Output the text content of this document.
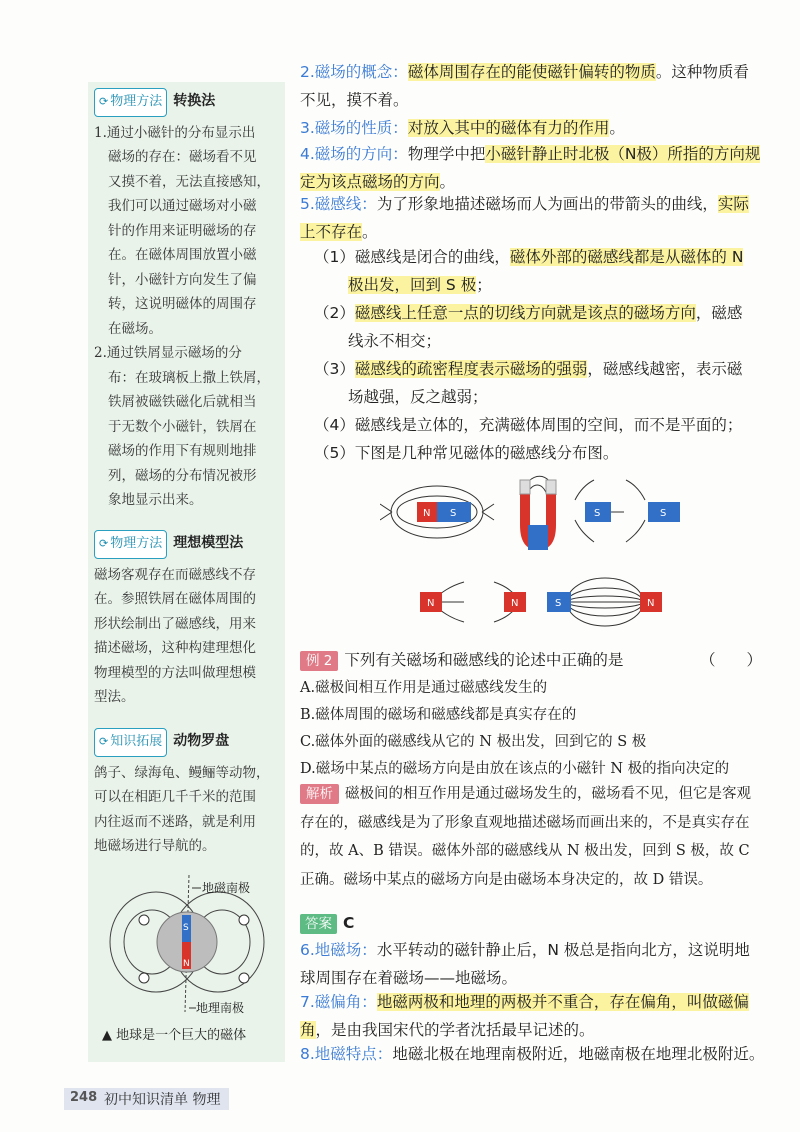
⟳ 物理方法 转换法
1.通过小磁针的分布显示出
磁场的存在：磁场看不见
又摸不着，无法直接感知，
我们可以通过磁场对小磁
针的作用来证明磁场的存
在。在磁体周围放置小磁
针，小磁针方向发生了偏
转，这说明磁体的周围存
在磁场。
2.通过铁屑显示磁场的分
布：在玻璃板上撒上铁屑，
铁屑被磁铁磁化后就相当
于无数个小磁针，铁屑在
磁场的作用下有规则地排
列，磁场的分布情况被形
象地显示出来。
⟳ 物理方法 理想模型法
磁场客观存在而磁感线不存
在。参照铁屑在磁体周围的
形状绘制出了磁感线，用来
描述磁场，这种构建理想化
物理模型的方法叫做理想模
型法。
⟳ 知识拓展 动物罗盘
鸽子、绿海龟、鳗鲡等动物，
可以在相距几千千米的范围
内往返而不迷路，就是利用
地磁场进行导航的。
S
N
地磁南极
地理南极
▲ 地球是一个巨大的磁体
2.磁场的概念：磁体周围存在的能使磁针偏转的物质。这种物质看不见，摸不着。
3.磁场的性质：对放入其中的磁体有力的作用。
4.磁场的方向：物理学中把小磁针静止时北极（N极）所指的方向规定为该点磁场的方向。
5.磁感线：为了形象地描述磁场而人为画出的带箭头的曲线，实际上不存在。
（1）磁感线是闭合的曲线，磁体外部的磁感线都是从磁体的 N 极出发，回到 S 极；
（2）磁感线上任意一点的切线方向就是该点的磁场方向，磁感线永不相交；
（3）磁感线的疏密程度表示磁场的强弱，磁感线越密，表示磁场越强，反之越弱；
（4）磁感线是立体的，充满磁体周围的空间，而不是平面的；
（5）下图是几种常见磁体的磁感线分布图。
N S	S	S
N	N	S	N
例 2 下列有关磁场和磁感线的论述中正确的是	（　　）
A.磁极间相互作用是通过磁感线发生的
B.磁体周围的磁场和磁感线都是真实存在的
C.磁体外面的磁感线从它的 N 极出发，回到它的 S 极
D.磁场中某点的磁场方向是由放在该点的小磁针 N 极的指向决定的
解析 磁极间的相互作用是通过磁场发生的，磁场看不见，但它是客观存在的，磁感线是为了形象直观地描述磁场而画出来的，不是真实存在的，故 A、B 错误。磁体外部的磁感线从 N 极出发，回到 S 极，故 C 正确。磁场中某点的磁场方向是由磁场本身决定的，故 D 错误。
答案 C
6.地磁场：水平转动的磁针静止后，N 极总是指向北方，这说明地球周围存在着磁场——地磁场。
7.磁偏角：地磁两极和地理的两极并不重合，存在偏角，叫做磁偏角，是由我国宋代的学者沈括最早记述的。
8.地磁特点：地磁北极在地理南极附近，地磁南极在地理北极附近。
248 初中知识清单 物理
